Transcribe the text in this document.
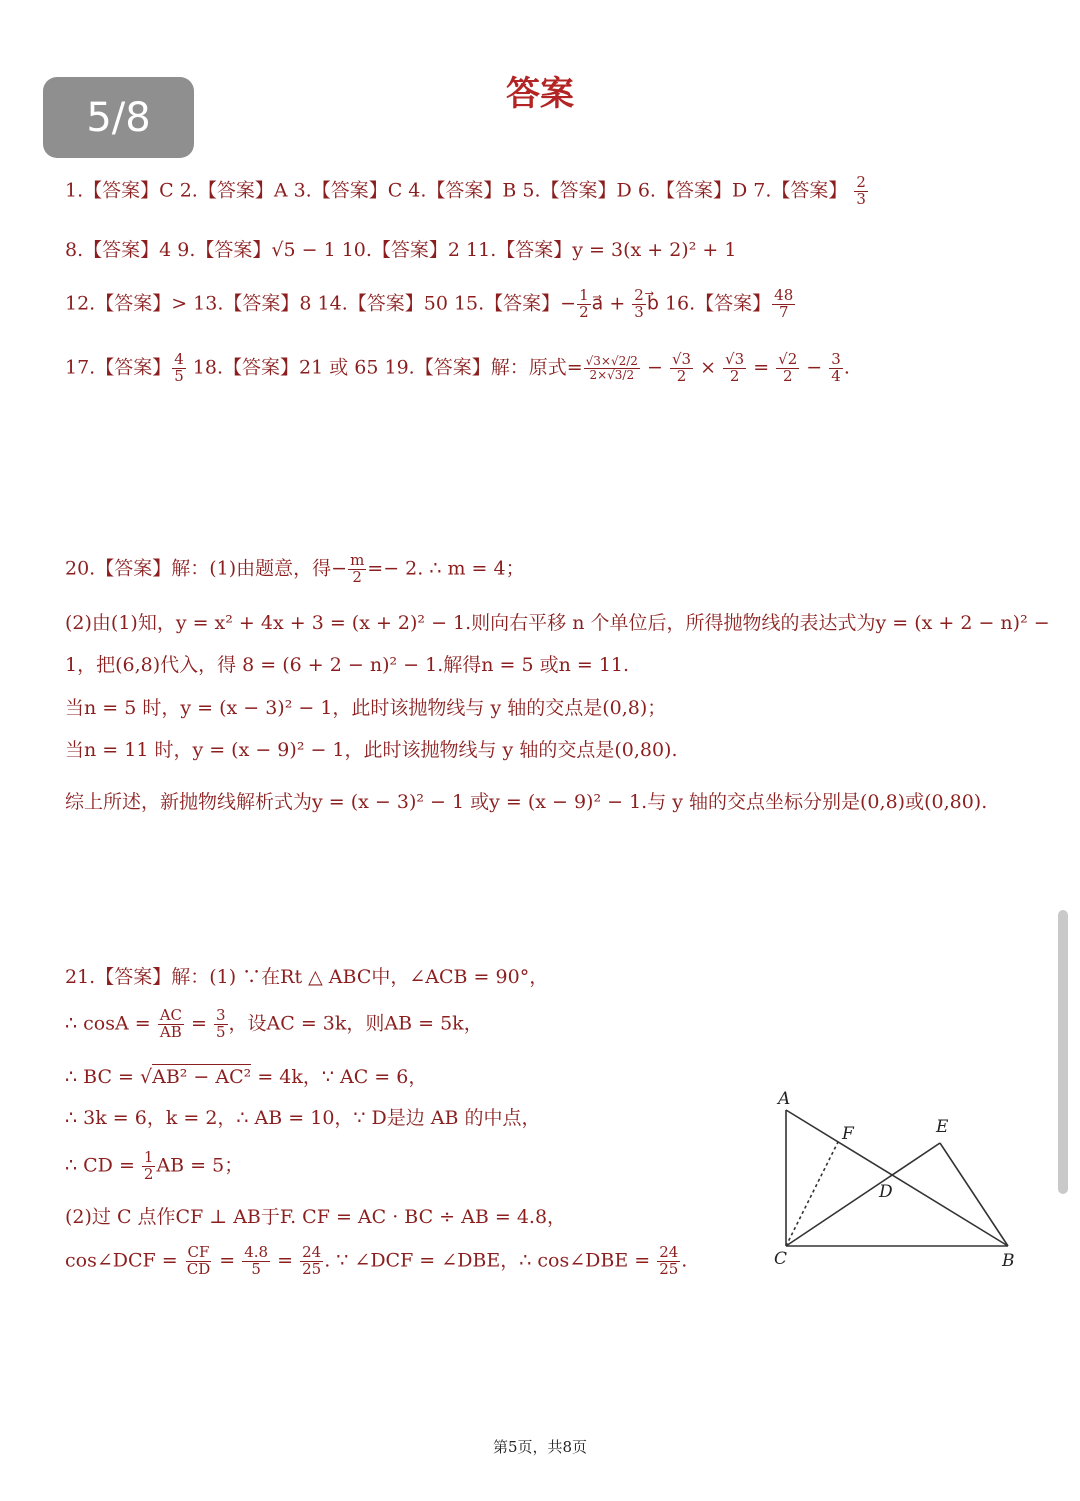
5/8
答案
1.【答案】C 2.【答案】A 3.【答案】C 4.【答案】B 5.【答案】D 6.【答案】D 7.【答案】 $\frac{2}{3}$
8.【答案】4 9.【答案】√5 − 1 10.【答案】2 11.【答案】y = 3(x + 2)² + 1
12.【答案】> 13.【答案】8 14.【答案】50 15.【答案】− $\frac{1}{2}$ a⃗ + $\frac{2}{3}$ b⃗ 16.【答案】 $\frac{48}{7}$
17.【答案】 $\frac{4}{5} 18$.【答案】21 或 65 19.【答案】解：原式= $\frac{√3\times√2/2}{2\times√3/2} - \frac{√3}{2} \times \frac{√3}{2} = \frac{√2}{2} - \frac{3}{4}$ .
20.【答案】解：(1)由题意，得− $\frac{m}{2} =- 2$. ∴ m = 4；
(2)由(1)知，y = x² + 4x + 3 = (x + 2)² − 1.则向右平移 n 个单位后，所得抛物线的表达式为y = (x + 2 − n)² −
1，把(6,8)代入，得 8 = (6 + 2 − n)² − 1.解得n = 5 或n = 11.
当n = 5 时，y = (x − 3)² − 1，此时该抛物线与 y 轴的交点是(0,8)；
当n = 11 时，y = (x − 9)² − 1，此时该抛物线与 y 轴的交点是(0,80).
综上所述，新抛物线解析式为y = (x − 3)² − 1 或y = (x − 9)² − 1.与 y 轴的交点坐标分别是(0,8)或(0,80).
21.【答案】解：(1) ∵在Rt △ ABC中，∠ACB = 90°，
∴ $\cos A = \frac{AC}{AB} = \frac{3}{5}$ ，设AC = 3k，则AB = 5k，
∴ BC = √AB² − AC² = 4k，∵ AC = 6，
∴ 3k = 6，k = 2，∴ AB = 10，∵ D是边 AB 的中点，
∴ CD = $\frac{1}{2}$ AB = 5；
(2)过 C 点作CF ⊥ AB于F. CF = AC · BC ÷ AB = 4.8，
cos∠DCF = $\frac{CF}{CD} = \frac{4.8}{5} = \frac{24}{25}$ . ∵ ∠DCF = ∠DBE，∴ cos∠DBE = $\frac{24}{25}$ .
A
F	E
D
C	B
第5页，共8页
